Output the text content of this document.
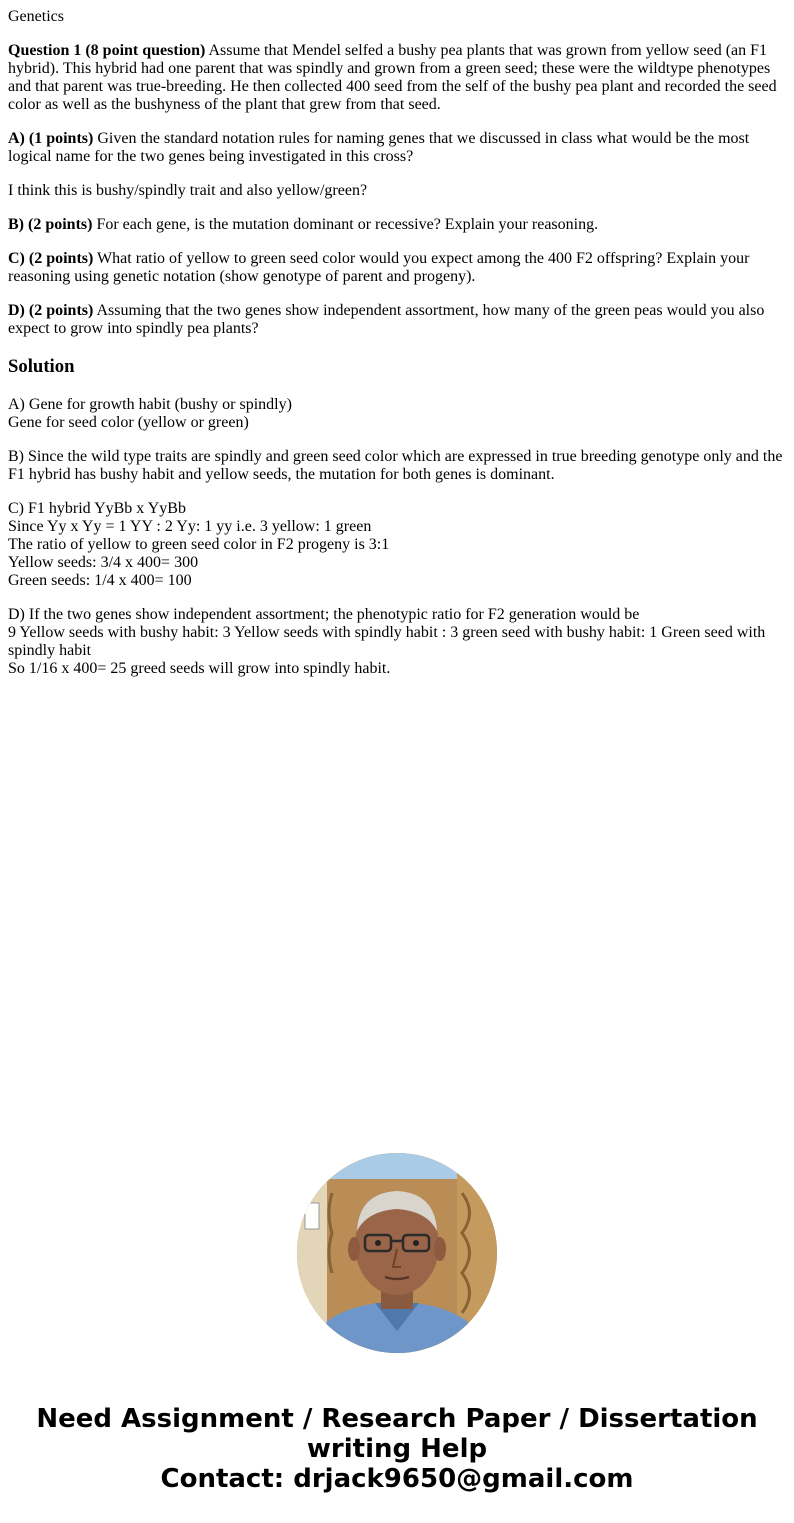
Genetics

Question 1 (8 point question) Assume that Mendel selfed a bushy pea plants that was grown from yellow seed (an F1 hybrid). This hybrid had one parent that was spindly and grown from a green seed; these were the wildtype phenotypes and that parent was true-breeding. He then collected 400 seed from the self of the bushy pea plant and recorded the seed color as well as the bushyness of the plant that grew from that seed.

A) (1 points) Given the standard notation rules for naming genes that we discussed in class what would be the most logical name for the two genes being investigated in this cross?

I think this is bushy/spindly trait and also yellow/green?

B) (2 points) For each gene, is the mutation dominant or recessive? Explain your reasoning.

C) (2 points) What ratio of yellow to green seed color would you expect among the 400 F2 offspring? Explain your reasoning using genetic notation (show genotype of parent and progeny).

D) (2 points) Assuming that the two genes show independent assortment, how many of the green peas would you also expect to grow into spindly pea plants?

Solution

A) Gene for growth habit (bushy or spindly)
Gene for seed color (yellow or green)

B) Since the wild type traits are spindly and green seed color which are expressed in true breeding genotype only and the F1 hybrid has bushy habit and yellow seeds, the mutation for both genes is dominant.

C) F1 hybrid YyBb x YyBb
Since Yy x Yy = 1 YY : 2 Yy: 1 yy i.e. 3 yellow: 1 green
The ratio of yellow to green seed color in F2 progeny is 3:1
Yellow seeds: 3/4 x 400= 300
Green seeds: 1/4 x 400= 100

D) If the two genes show independent assortment; the phenotypic ratio for F2 generation would be
9 Yellow seeds with bushy habit: 3 Yellow seeds with spindly habit : 3 green seed with bushy habit: 1 Green seed with spindly habit
So 1/16 x 400= 25 greed seeds will grow into spindly habit.

Need Assignment / Research Paper / Dissertation
writing Help
Contact: drjack9650@gmail.com
